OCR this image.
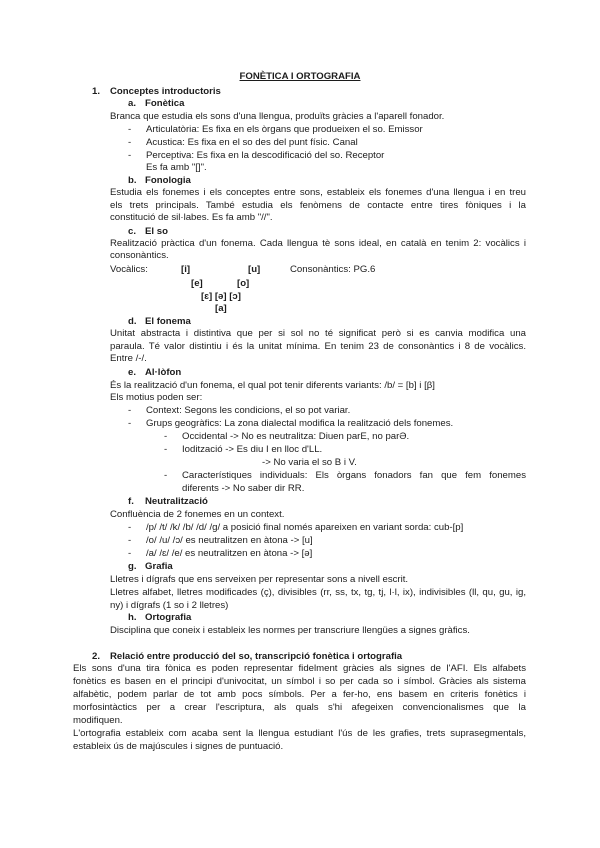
FONÈTICA I ORTOGRAFIA
1. Conceptes introductoris
a. Fonètica
Branca que estudia els sons d'una llengua, produïts gràcies a l'aparell fonador.
- Articulatòria: Es fixa en els òrgans que produeixen el so. Emissor
- Acustica: Es fixa en el so des del punt físic. Canal
- Perceptiva: Es fixa en la descodificació del so. Receptor
Es fa amb "[]".
b. Fonologia
Estudia els fonemes i els conceptes entre sons, estableix els fonemes d'una llengua i en treu
els trets principals. També estudia els fenòmens de contacte entre tires fòniques i la
constitució de sil·labes. Es fa amb "//".
c. El so
Realització pràctica d'un fonema. Cada llengua tè sons ideal, en català en tenim 2: vocàlics i
consonàntics.
Vocàlics:	[i]	[u]	Consonàntics: PG.6
[e]	[o]
[ɛ] [ə] [ɔ]
[a]
d. El fonema
Unitat abstracta i distintiva que per si sol no té significat però si es canvia modifica una
paraula. Té valor distintiu i és la unitat mínima. En tenim 23 de consonàntics i 8 de vocàlics.
Entre /-/.
e. Al·lòfon
És la realització d'un fonema, el qual pot tenir diferents variants: /b/ = [b] i [β]
Els motius poden ser:
- Context: Segons les condicions, el so pot variar.
- Grups geogràfics: La zona dialectal modifica la realització dels fonemes.
- Occidental -> No es neutralitza: Diuen parE, no parƏ.
- Iodització -> Es diu I en lloc d'LL.
-> No varia el so B i V.
- Característiques individuals: Els òrgans fonadors fan que fem fonemes
diferents -> No saber dir RR.
f. Neutralització
Confluència de 2 fonemes en un context.
- /p/ /t/ /k/ /b/ /d/ /g/ a posició final només apareixen en variant sorda: cub-[p]
- /o/ /u/ /ɔ/ es neutralitzen en àtona -> [u]
- /a/ /ɛ/ /e/ es neutralitzen en àtona -> [ə]
g. Grafia
Lletres i dígrafs que ens serveixen per representar sons a nivell escrit.
Lletres alfabet, lletres modificades (ç), divisibles (rr, ss, tx, tg, tj, l·l, ix), indivisibles (ll, qu, gu, ig,
ny) i dígrafs (1 so i 2 lletres)
h. Ortografia
Disciplina que coneix i estableix les normes per transcriure llengües a signes gràfics.
2. Relació entre producció del so, transcripció fonètica i ortografia
Els sons d'una tira fònica es poden representar fidelment gràcies als signes de l'AFI. Els alfabets
fonètics es basen en el principi d'univocitat, un símbol i so per cada so i símbol. Gràcies als sistema
alfabètic, podem parlar de tot amb pocs símbols. Per a fer-ho, ens basem en criteris fonètics i
morfosintàctics per a crear l'escriptura, als quals s'hi afegeixen convencionalismes que la
modifiquen.
L'ortografia estableix com acaba sent la llengua estudiant l'ús de les grafies, trets suprasegmentals,
estableix ús de majúscules i signes de puntuació.
